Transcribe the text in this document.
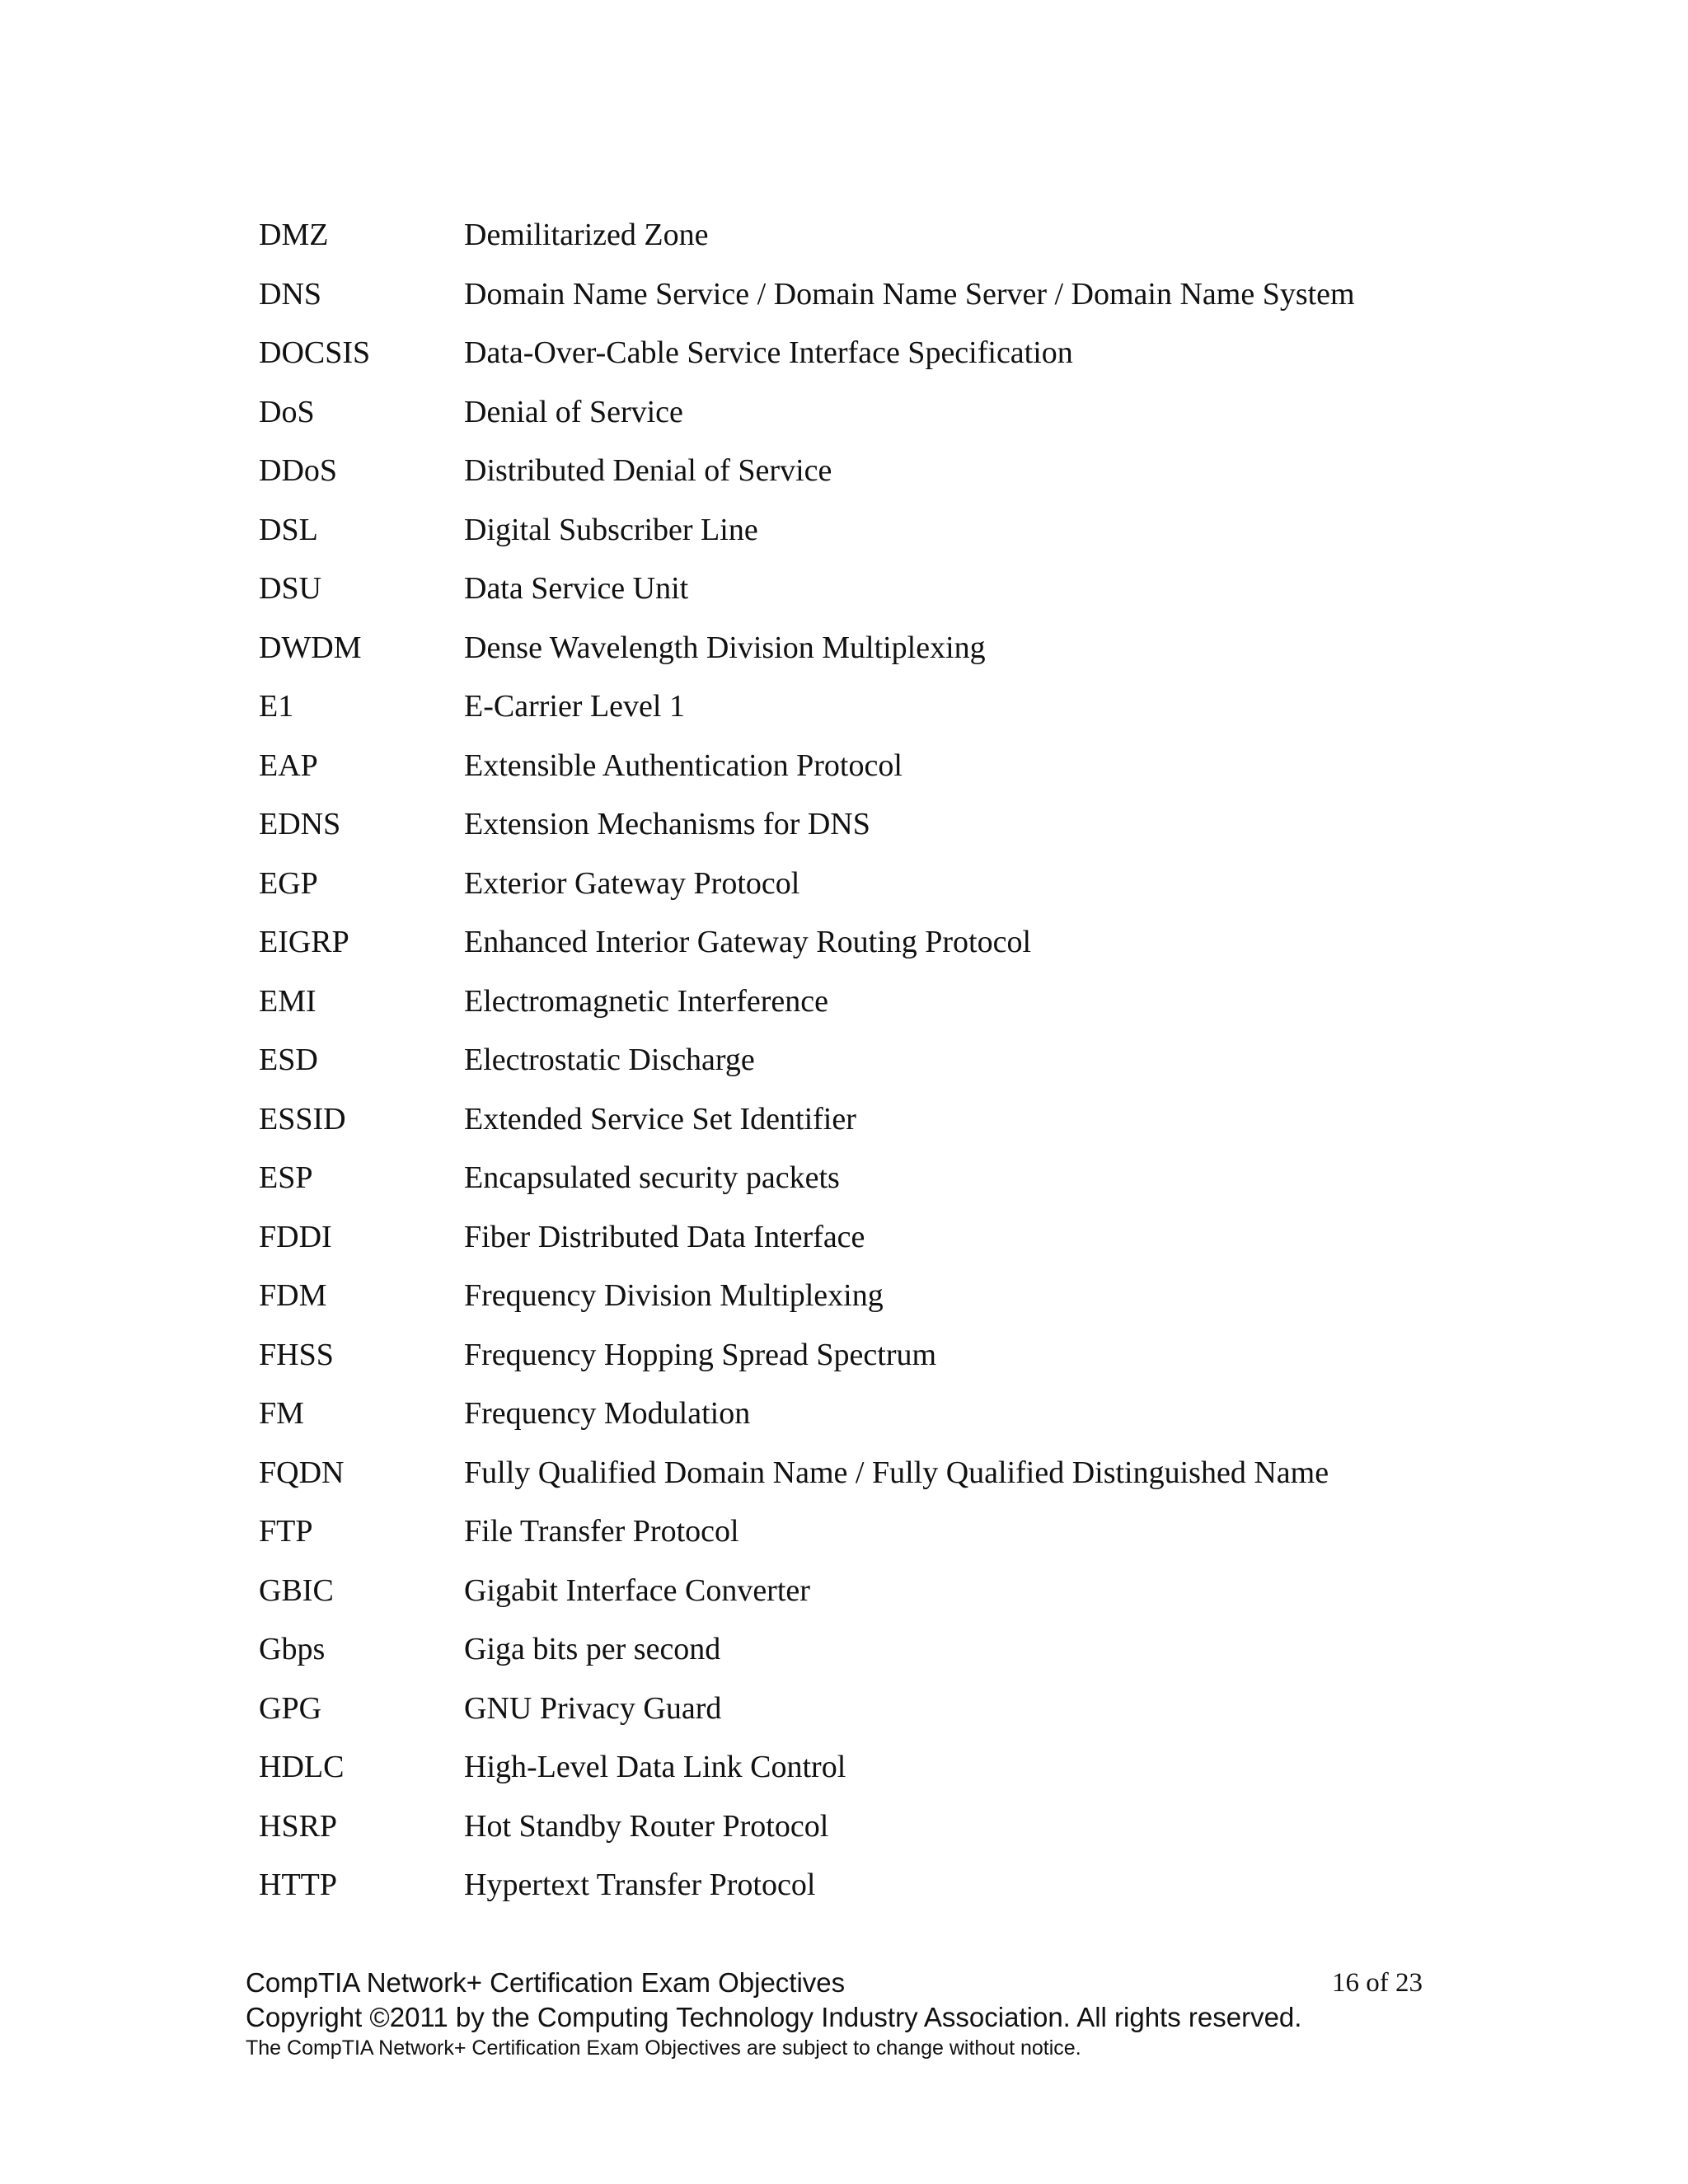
DMZ	Demilitarized Zone
DNS	Domain Name Service / Domain Name Server / Domain Name System
DOCSIS	Data-Over-Cable Service Interface Specification
DoS	Denial of Service
DDoS	Distributed Denial of Service
DSL	Digital Subscriber Line
DSU	Data Service Unit
DWDM	Dense Wavelength Division Multiplexing
E1	E-Carrier Level 1
EAP	Extensible Authentication Protocol
EDNS	Extension Mechanisms for DNS
EGP	Exterior Gateway Protocol
EIGRP	Enhanced Interior Gateway Routing Protocol
EMI	Electromagnetic Interference
ESD	Electrostatic Discharge
ESSID	Extended Service Set Identifier
ESP	Encapsulated security packets
FDDI	Fiber Distributed Data Interface
FDM	Frequency Division Multiplexing
FHSS	Frequency Hopping Spread Spectrum
FM	Frequency Modulation
FQDN	Fully Qualified Domain Name / Fully Qualified Distinguished Name
FTP	File Transfer Protocol
GBIC	Gigabit Interface Converter
Gbps	Giga bits per second
GPG	GNU Privacy Guard
HDLC	High-Level Data Link Control
HSRP	Hot Standby Router Protocol
HTTP	Hypertext Transfer Protocol
CompTIA Network+ Certification Exam Objectives	16 of 23
Copyright ©2011 by the Computing Technology Industry Association. All rights reserved.
The CompTIA Network+ Certification Exam Objectives are subject to change without notice.
